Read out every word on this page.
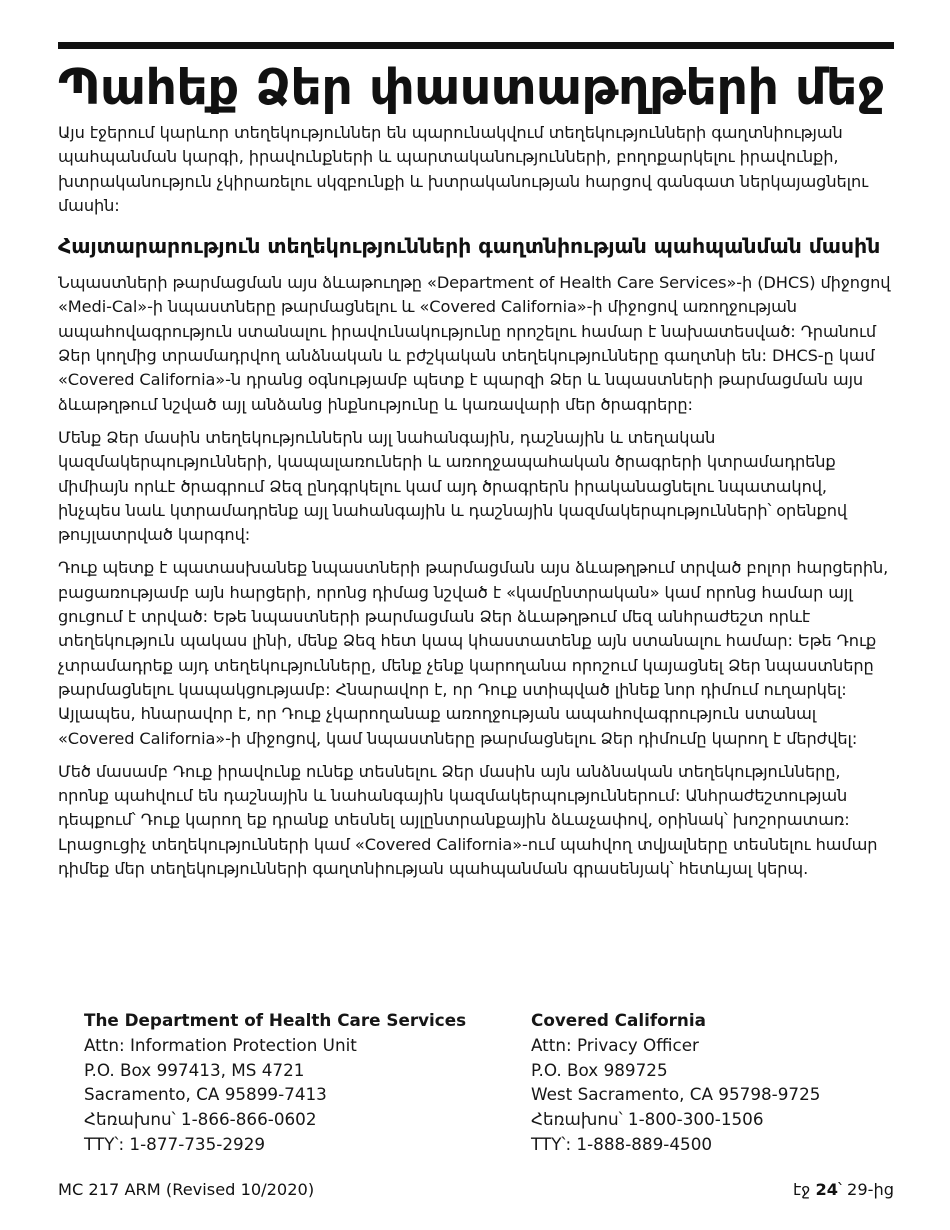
Պահեք Ձեր փաստաթղթերի մեջ

Այս էջերում կարևոր տեղեկություններ են պարունակվում տեղեկությունների գաղտնիության պահպանման կարգի, իրավունքների և պարտականությունների, բողոքարկելու իրավունքի, խտրականություն չկիրառելու սկզբունքի և խտրականության հարցով գանգատ ներկայացնելու մասին:

Հայտարարություն տեղեկությունների գաղտնիության պահպանման մասին

Նպաստների թարմացման այս ձևաթուղթը «Department of Health Care Services»-ի (DHCS) միջոցով «Medi-Cal»-ի նպաստները թարմացնելու և «Covered California»-ի միջոցով առողջության ապահովագրություն ստանալու իրավունակությունը որոշելու համար է նախատեսված: Դրանում Ձեր կողմից տրամադրվող անձնական և բժշկական տեղեկությունները գաղտնի են: DHCS-ը կամ «Covered California»-ն դրանց օգնությամբ պետք է պարզի Ձեր և նպաստների թարմացման այս ձևաթղթում նշված այլ անձանց ինքնությունը և կառավարի մեր ծրագրերը:

Մենք Ձեր մասին տեղեկություններն այլ նահանգային, դաշնային և տեղական կազմակերպությունների, կապալառուների և առողջապահական ծրագրերի կտրամադրենք միմիայն որևէ ծրագրում Ձեզ ընդգրկելու կամ այդ ծրագրերն իրականացնելու նպատակով, ինչպես նաև կտրամադրենք այլ նահանգային և դաշնային կազմակերպությունների՝ օրենքով թույլատրված կարգով:

Դուք պետք է պատասխանեք նպաստների թարմացման այս ձևաթղթում տրված բոլոր հարցերին, բացառությամբ այն հարցերի, որոնց դիմաց նշված է «կամընտրական» կամ որոնց համար այլ ցուցում է տրված: Եթե նպաստների թարմացման Ձեր ձևաթղթում մեզ անհրաժեշտ որևէ տեղեկություն պակաս լինի, մենք Ձեզ հետ կապ կհաստատենք այն ստանալու համար: Եթե Դուք չտրամադրեք այդ տեղեկությունները, մենք չենք կարողանա որոշում կայացնել Ձեր նպաստները թարմացնելու կապակցությամբ: Հնարավոր է, որ Դուք ստիպված լինեք նոր դիմում ուղարկել: Այլապես, հնարավոր է, որ Դուք չկարողանաք առողջության ապահովագրություն ստանալ «Covered California»-ի միջոցով, կամ նպաստները թարմացնելու Ձեր դիմումը կարող է մերժվել:

Մեծ մասամբ Դուք իրավունք ունեք տեսնելու Ձեր մասին այն անձնական տեղեկությունները, որոնք պահվում են դաշնային և նահանգային կազմակերպություններում: Անհրաժեշտության դեպքում՝ Դուք կարող եք դրանք տեսնել այլընտրանքային ձևաչափով, օրինակ՝ խոշորատառ: Լրացուցիչ տեղեկությունների կամ «Covered California»-ում պահվող տվյալները տեսնելու համար դիմեք մեր տեղեկությունների գաղտնիության պահպանման գրասենյակ՝ հետևյալ կերպ.

The Department of Health Care Services
Attn: Information Protection Unit
P.O. Box 997413, MS 4721
Sacramento, CA 95899-7413
Հեռախոս՝ 1-866-866-0602
TTY՝: 1-877-735-2929
Covered California
Attn: Privacy Officer
P.O. Box 989725
West Sacramento, CA 95798-9725
Հեռախոս՝ 1-800-300-1506
TTY՝: 1-888-889-4500
MC 217 ARM (Revised 10/2020)	էջ 24՝ 29-ից
